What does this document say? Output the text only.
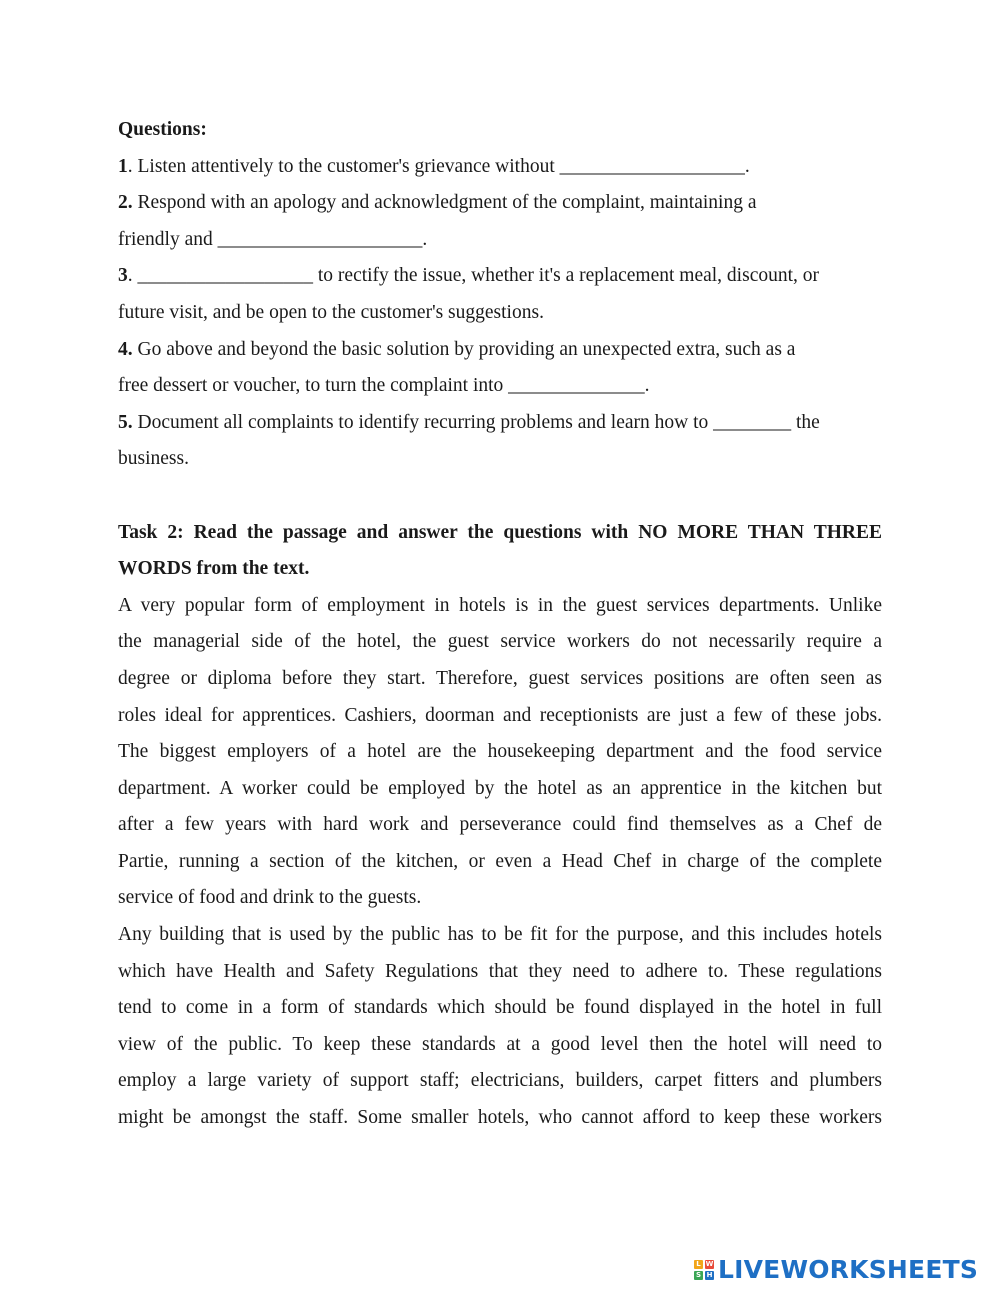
Questions:

1. Listen attentively to the customer's grievance without ___________________.

2. Respond with an apology and acknowledgment of the complaint, maintaining a

friendly and _____________________.

3. __________________ to rectify the issue, whether it's a replacement meal, discount, or

future visit, and be open to the customer's suggestions.

4. Go above and beyond the basic solution by providing an unexpected extra, such as a

free dessert or voucher, to turn the complaint into ______________.

5. Document all complaints to identify recurring problems and learn how to ________ the

business.

Task 2: Read the passage and answer the questions with NO MORE THAN THREE

WORDS from the text.

A very popular form of employment in hotels is in the guest services departments. Unlike

the managerial side of the hotel, the guest service workers do not necessarily require a

degree or diploma before they start. Therefore, guest services positions are often seen as

roles ideal for apprentices. Cashiers, doorman and receptionists are just a few of these jobs.

The biggest employers of a hotel are the housekeeping department and the food service

department. A worker could be employed by the hotel as an apprentice in the kitchen but

after a few years with hard work and perseverance could find themselves as a Chef de

Partie, running a section of the kitchen, or even a Head Chef in charge of the complete

service of food and drink to the guests.

Any building that is used by the public has to be fit for the purpose, and this includes hotels

which have Health and Safety Regulations that they need to adhere to. These regulations

tend to come in a form of standards which should be found displayed in the hotel in full

view of the public. To keep these standards at a good level then the hotel will need to

employ a large variety of support staff; electricians, builders, carpet fitters and plumbers

might be amongst the staff. Some smaller hotels, who cannot afford to keep these workers

L W
S H LIVEWORKSHEETS
